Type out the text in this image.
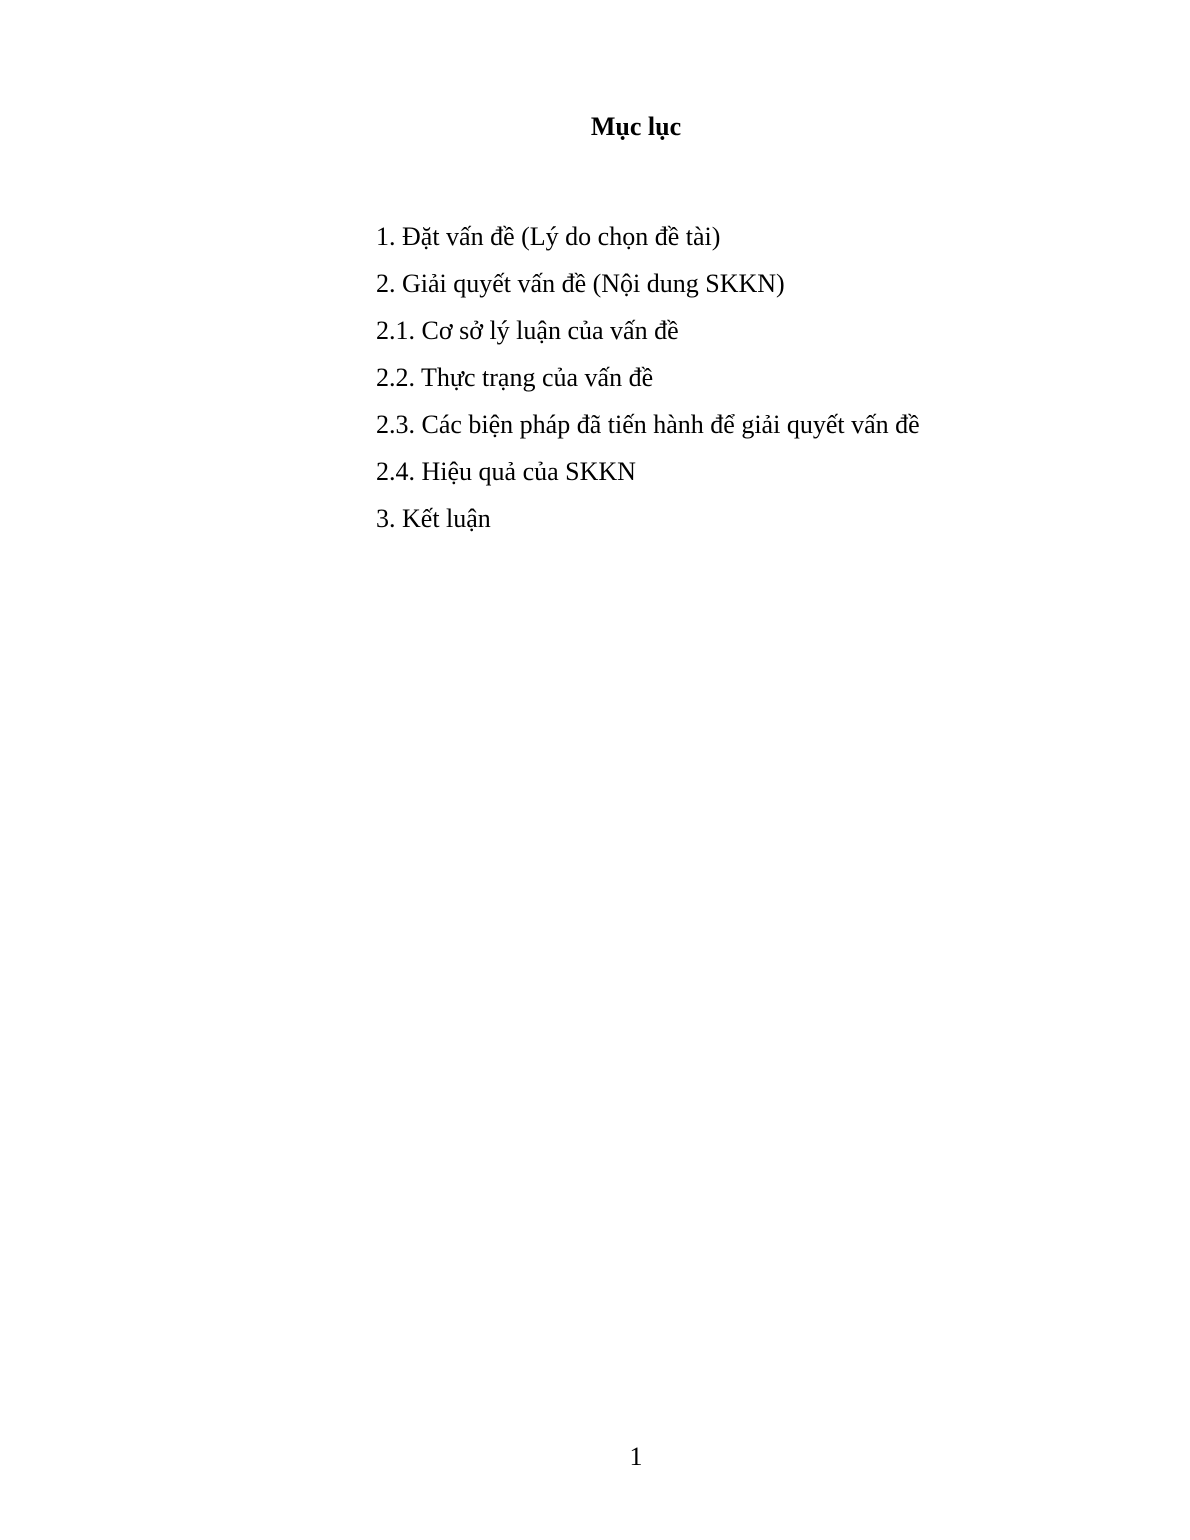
Mục lục
1. Đặt vấn đề (Lý do chọn đề tài)
2. Giải quyết vấn đề (Nội dung SKKN)
2.1. Cơ sở lý luận của vấn đề
2.2. Thực trạng của vấn đề
2.3. Các biện pháp đã tiến hành để giải quyết vấn đề
2.4. Hiệu quả của SKKN
3. Kết luận
1
